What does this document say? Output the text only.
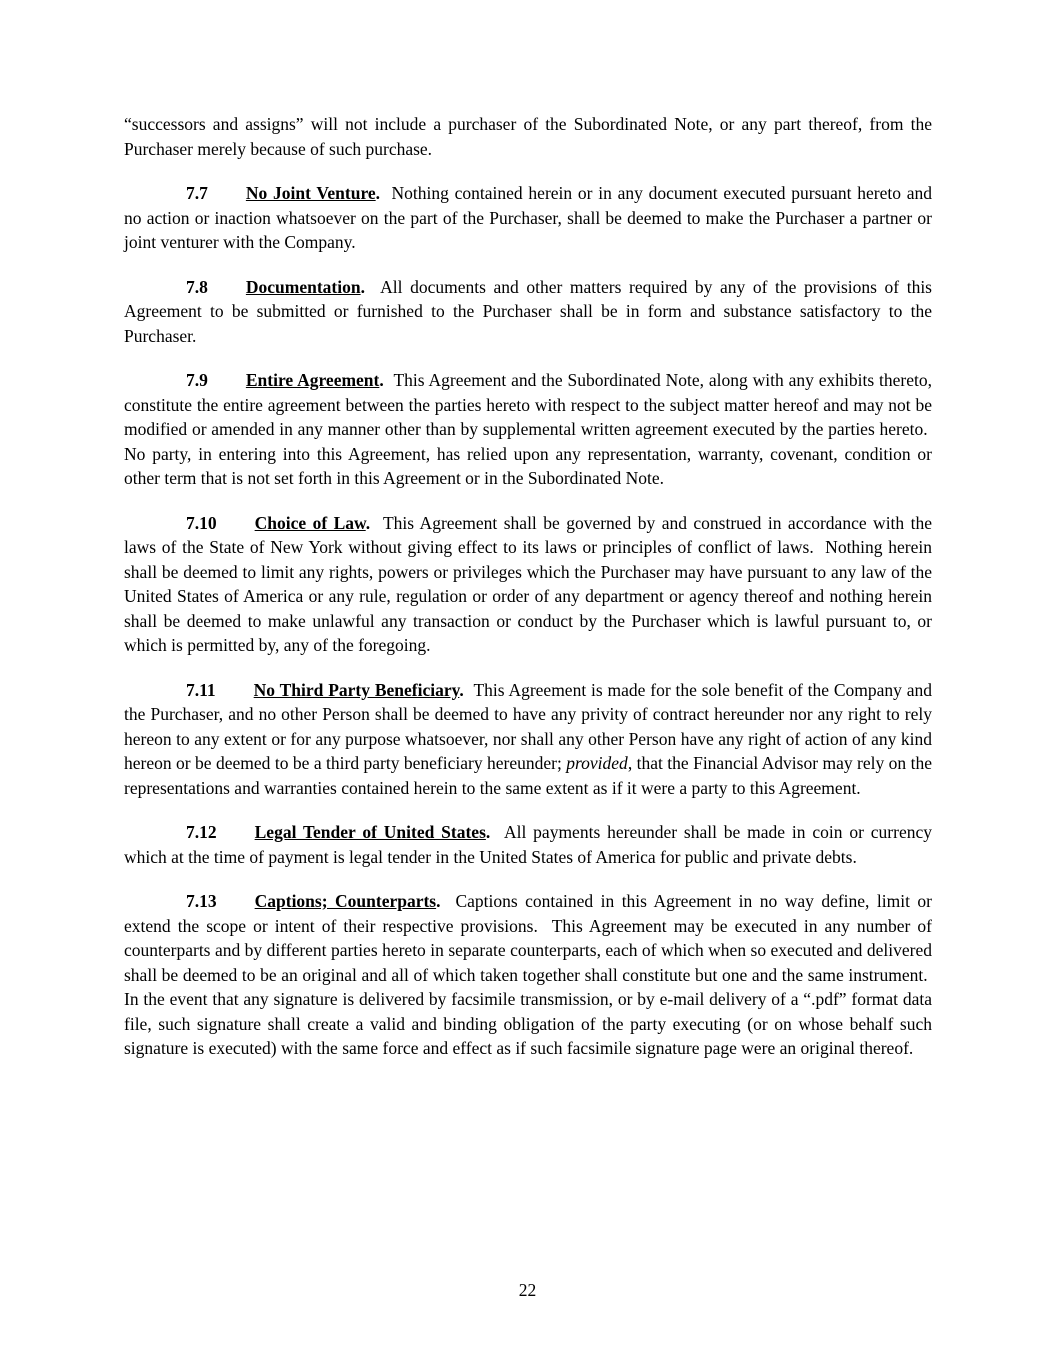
“successors and assigns” will not include a purchaser of the Subordinated Note, or any part thereof, from the Purchaser merely because of such purchase.

7.7 No Joint Venture.  Nothing contained herein or in any document executed pursuant hereto and no action or inaction whatsoever on the part of the Purchaser, shall be deemed to make the Purchaser a partner or joint venturer with the Company.

7.8 Documentation.  All documents and other matters required by any of the provisions of this Agreement to be submitted or furnished to the Purchaser shall be in form and substance satisfactory to the Purchaser.

7.9 Entire Agreement.  This Agreement and the Subordinated Note, along with any exhibits thereto, constitute the entire agreement between the parties hereto with respect to the subject matter hereof and may not be modified or amended in any manner other than by supplemental written agreement executed by the parties hereto.  No party, in entering into this Agreement, has relied upon any representation, warranty, covenant, condition or other term that is not set forth in this Agreement or in the Subordinated Note.

7.10 Choice of Law.  This Agreement shall be governed by and construed in accordance with the laws of the State of New York without giving effect to its laws or principles of conflict of laws.  Nothing herein shall be deemed to limit any rights, powers or privileges which the Purchaser may have pursuant to any law of the United States of America or any rule, regulation or order of any department or agency thereof and nothing herein shall be deemed to make unlawful any transaction or conduct by the Purchaser which is lawful pursuant to, or which is permitted by, any of the foregoing.

7.11 No Third Party Beneficiary.  This Agreement is made for the sole benefit of the Company and the Purchaser, and no other Person shall be deemed to have any privity of contract hereunder nor any right to rely hereon to any extent or for any purpose whatsoever, nor shall any other Person have any right of action of any kind hereon or be deemed to be a third party beneficiary hereunder; provided, that the Financial Advisor may rely on the representations and warranties contained herein to the same extent as if it were a party to this Agreement.

7.12 Legal Tender of United States.  All payments hereunder shall be made in coin or currency which at the time of payment is legal tender in the United States of America for public and private debts.

7.13 Captions; Counterparts.  Captions contained in this Agreement in no way define, limit or extend the scope or intent of their respective provisions.  This Agreement may be executed in any number of counterparts and by different parties hereto in separate counterparts, each of which when so executed and delivered shall be deemed to be an original and all of which taken together shall constitute but one and the same instrument.  In the event that any signature is delivered by facsimile transmission, or by e-mail delivery of a “.pdf” format data file, such signature shall create a valid and binding obligation of the party executing (or on whose behalf such signature is executed) with the same force and effect as if such facsimile signature page were an original thereof.

22
